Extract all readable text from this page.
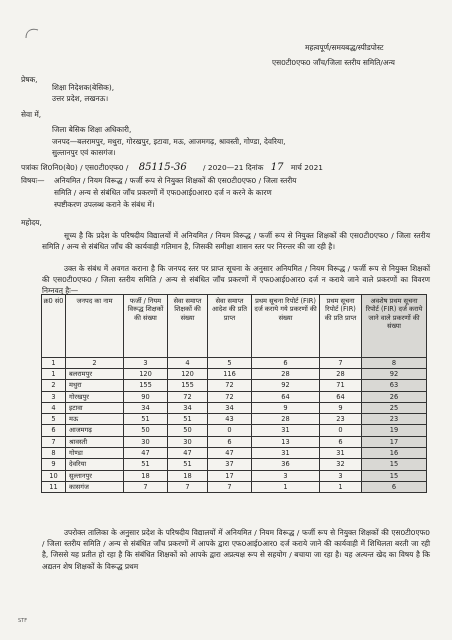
महत्वपूर्ण/समयबद्ध/स्पीडपोस्ट
एस0टी0एफ0 जाँच/जिला स्तरीय समिति/अन्य
प्रेषक,
शिक्षा निदेशक(बेसिक),
उत्तर प्रदेश, लखनऊ।
सेवा में,
जिला बेसिक शिक्षा अधिकारी,
जनपद—बलरामपुर, मथुरा, गोरखपुर, इटावा, मऊ, आजमगढ़, श्रावस्ती, गोण्डा, देवरिया,
सुल्तानपुर एवं कासगंज।
पत्रांकः शि0नि0(बे0) / एस0टी0एफ0 / 85115-36 / 2020—21 दिनांक 17 मार्च 2021
विषयः— अनियमित / नियम विरूद्ध / फर्जी रूप से नियुक्त शिक्षकों की एस0टी0एफ0 / जिला स्तरीय
समिति / अन्य से संबंधित जाँच प्रकरणों में एफ0आई0आर0 दर्ज न करने के कारण
स्पष्टीकरण उपलब्ध कराने के संबंध में।
महोदय,
सूच्य है कि प्रदेश के परिषदीय विद्यालयों में अनियमित / नियम विरूद्ध / फर्जी रूप से नियुक्त शिक्षकों की एस0टी0एफ0 / जिला स्तरीय समिति / अन्य से संबंधित जाँच की कार्यवाही गतिमान है, जिसकी समीक्षा शासन स्तर पर निरन्तर की जा रही है।
उक्त के संबंध में अवगत कराना है कि जनपद स्तर पर प्राप्त सूचना के अनुसार अनियमित / नियम विरूद्ध / फर्जी रूप से नियुक्त शिक्षकों की एस0टी0एफ0 / जिला स्तरीय समिति / अन्य से संबंधित जाँच प्रकरणों में एफ0आई0आर0 दर्ज न कराये जाने वाले प्रकरणों का विवरण निम्नवत् हैः—
क्र0 सं0	जनपद का नाम	फर्जी / नियम विरूद्ध शिक्षकों की संख्या	सेवा समाप्त शिक्षकों की संख्या	सेवा समाप्त आदेश की प्रति प्राप्त	प्रथम सूचना रिपोर्ट (FIR) दर्ज कराये गये प्रकरणों की संख्या	प्रथम सूचना रिपोर्ट (FIR) की प्रति प्राप्त	अवशेष प्रथम सूचना रिपोर्ट (FIR) दर्ज कराये जाने वाले प्रकरणों की संख्या
1	2	3	4	5	6	7	8
1	बलरामपुर	120	120	116	28	28	92
2	मथुरा	155	155	72	92	71	63
3	गोरखपुर	90	72	72	64	64	26
4	इटावा	34	34	34	9	9	25
5	मऊ	51	51	43	28	23	23
6	आजमगढ़	50	50	0	31	0	19
7	श्रावस्ती	30	30	6	13	6	17
8	गोण्डा	47	47	47	31	31	16
9	देवरिया	51	51	37	36	32	15
10	सुल्तानपुर	18	18	17	3	3	15
11	कासगंज	7	7	7	1	1	6
उपरोक्त तालिका के अनुसार प्रदेश के परिषदीय विद्यालयों में अनियमित / नियम विरूद्ध / फर्जी रूप से नियुक्त शिक्षकों की एस0टी0एफ0 / जिला स्तरीय समिति / अन्य से संबंधित जाँच प्रकरणों में आपके द्वारा एफ0आई0आर0 दर्ज कराये जाने की कार्यवाही में शिथिलता बरती जा रही है, जिससे यह प्रतीत हो रहा है कि संबंधित शिक्षकों को आपके द्वारा अप्रत्यक्ष रूप से सहयोग / बचाया जा रहा है। यह अत्यन्त खेद का विषय है कि अद्यतन शेष शिक्षकों के विरूद्ध प्रथम
STF
